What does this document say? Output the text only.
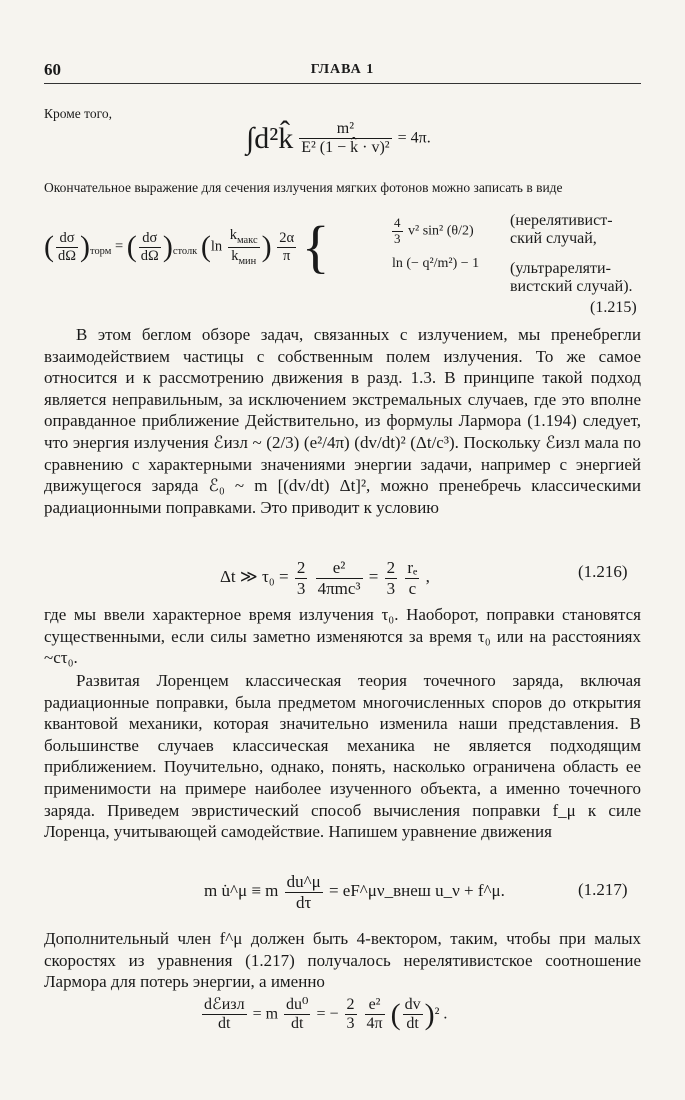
60	ГЛАВА 1

Кроме того,

∫d²k̂ $\frac{\text{m²}}{\text{E² (1 − k̂ · v)²}} = 4\pi$.

Окончательное выражение для сечения излучения мягких фотонов можно записать в виде

( $\frac{d\sigma}{d\Omega} )_{торм}$ = ( $\frac{d\sigma}{d\Omega} )_{столк}$ ($\ln \frac{k_{макс}}{k_{мин}}$ ) $\frac{2\alpha}{\pi}$ {	$\frac{4}{3} v^2$ sin² (θ/2)
ln (− q²/m²) − 1
(нерелятивист-
ский случай,
(ультрареляти-
вистский случай).
(1.215)

В этом беглом обзоре задач, связанных с излучением, мы пренебрегли взаимодействием частицы с собственным полем излучения. То же самое относится и к рассмотрению движения в разд. 1.3. В принципе такой подход является неправильным, за исключением экстремальных случаев, где это вполне оправданное приближение Действительно, из формулы Лармора (1.194) следует, что энергия излучения ℰизл ~ (2/3) (e²/4π) (dv/dt)² (Δt/c³). Поскольку ℰизл мала по сравнению с характерными значениями энергии задачи, например с энергией движущегося заряда ℰ₀ ~ m [(dv/dt) Δt]², можно пренебречь классическими радиационными поправками. Это приводит к условию

Δt ≫ $\tau_0 = \frac{2}{3}$
$\frac{\text{e²}}{\text{4πmc³}} = \frac{2}{3}$
$\frac{\text{rₑ}}{c}$ ,	(1.216)

где мы ввели характерное время излучения τ₀. Наоборот, поправки становятся существенными, если силы заметно изменяются за время τ₀ или на расстояниях ~cτ₀.

Развитая Лоренцем классическая теория точечного заряда, включая радиационные поправки, была предметом многочисленных споров до открытия квантовой механики, которая значительно изменила наши представления. В большинстве случаев классическая механика не является подходящим приближением. Поучительно, однако, понять, насколько ограничена область ее применимости на примере наиболее изученного объекта, а именно точечного заряда. Приведем эвристический способ вычисления поправки f_μ к силе Лоренца, учитывающей самодействие. Напишем уравнение движения

m u̇^μ ≡ m $\frac{du\^{}\mu}{d\tau}$ = eF^μν_внеш u_ν + f^μ.	(1.217)

Дополнительный член f^μ должен быть 4-вектором, таким, чтобы при малых скоростях из уравнения (1.217) получалось нерелятивистское соотношение Лармора для потерь энергии, а именно

$\frac{\text{dℰизл}}{dt} = m \frac{\text{du⁰}}{dt}$ = − $\frac{2}{3}$
$\frac{\text{e²}}{4\pi}$ ( $\frac{dv}{dt} )^2$ .
